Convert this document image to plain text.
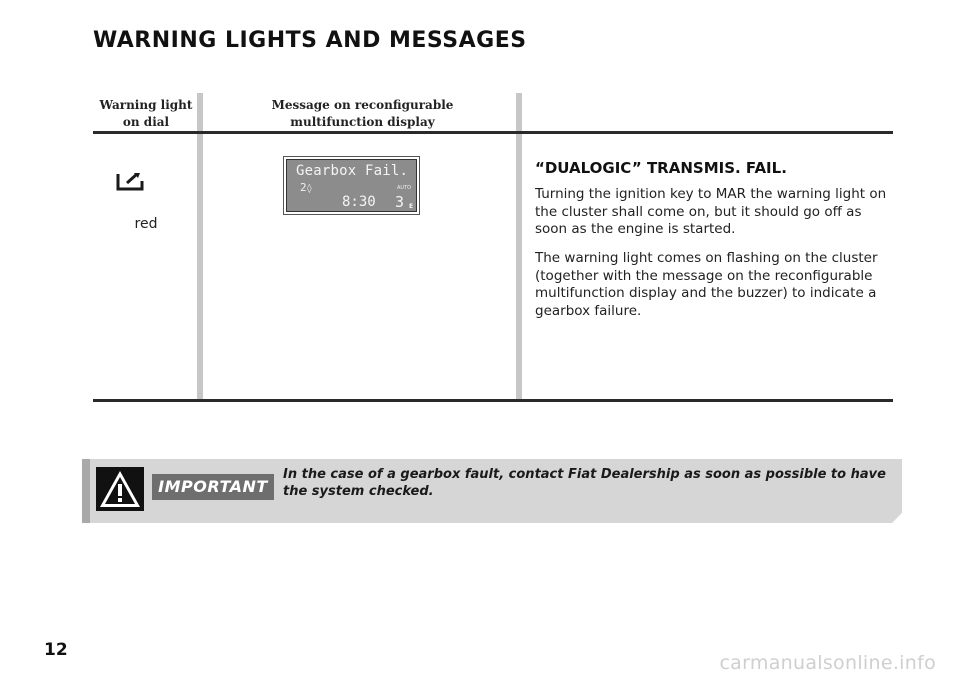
WARNING LIGHTS AND MESSAGES
Warning light
on dial
Message on reconfigurable
multifunction display
red
Gearbox Fail.
2◊	AUTO
8:30 3 E
“DUALOGIC” TRANSMIS. FAIL.
Turning the ignition key to MAR the warning light on the cluster shall come on, but it should go off as soon as the engine is started.
The warning light comes on flashing on the cluster (together with the message on the reconfigurable multifunction display and the buzzer) to indicate a gearbox failure.
IMPORTANT
In the case of a gearbox fault, contact Fiat Dealership as soon as possible to have the system checked.
12
carmanualsonline.info
